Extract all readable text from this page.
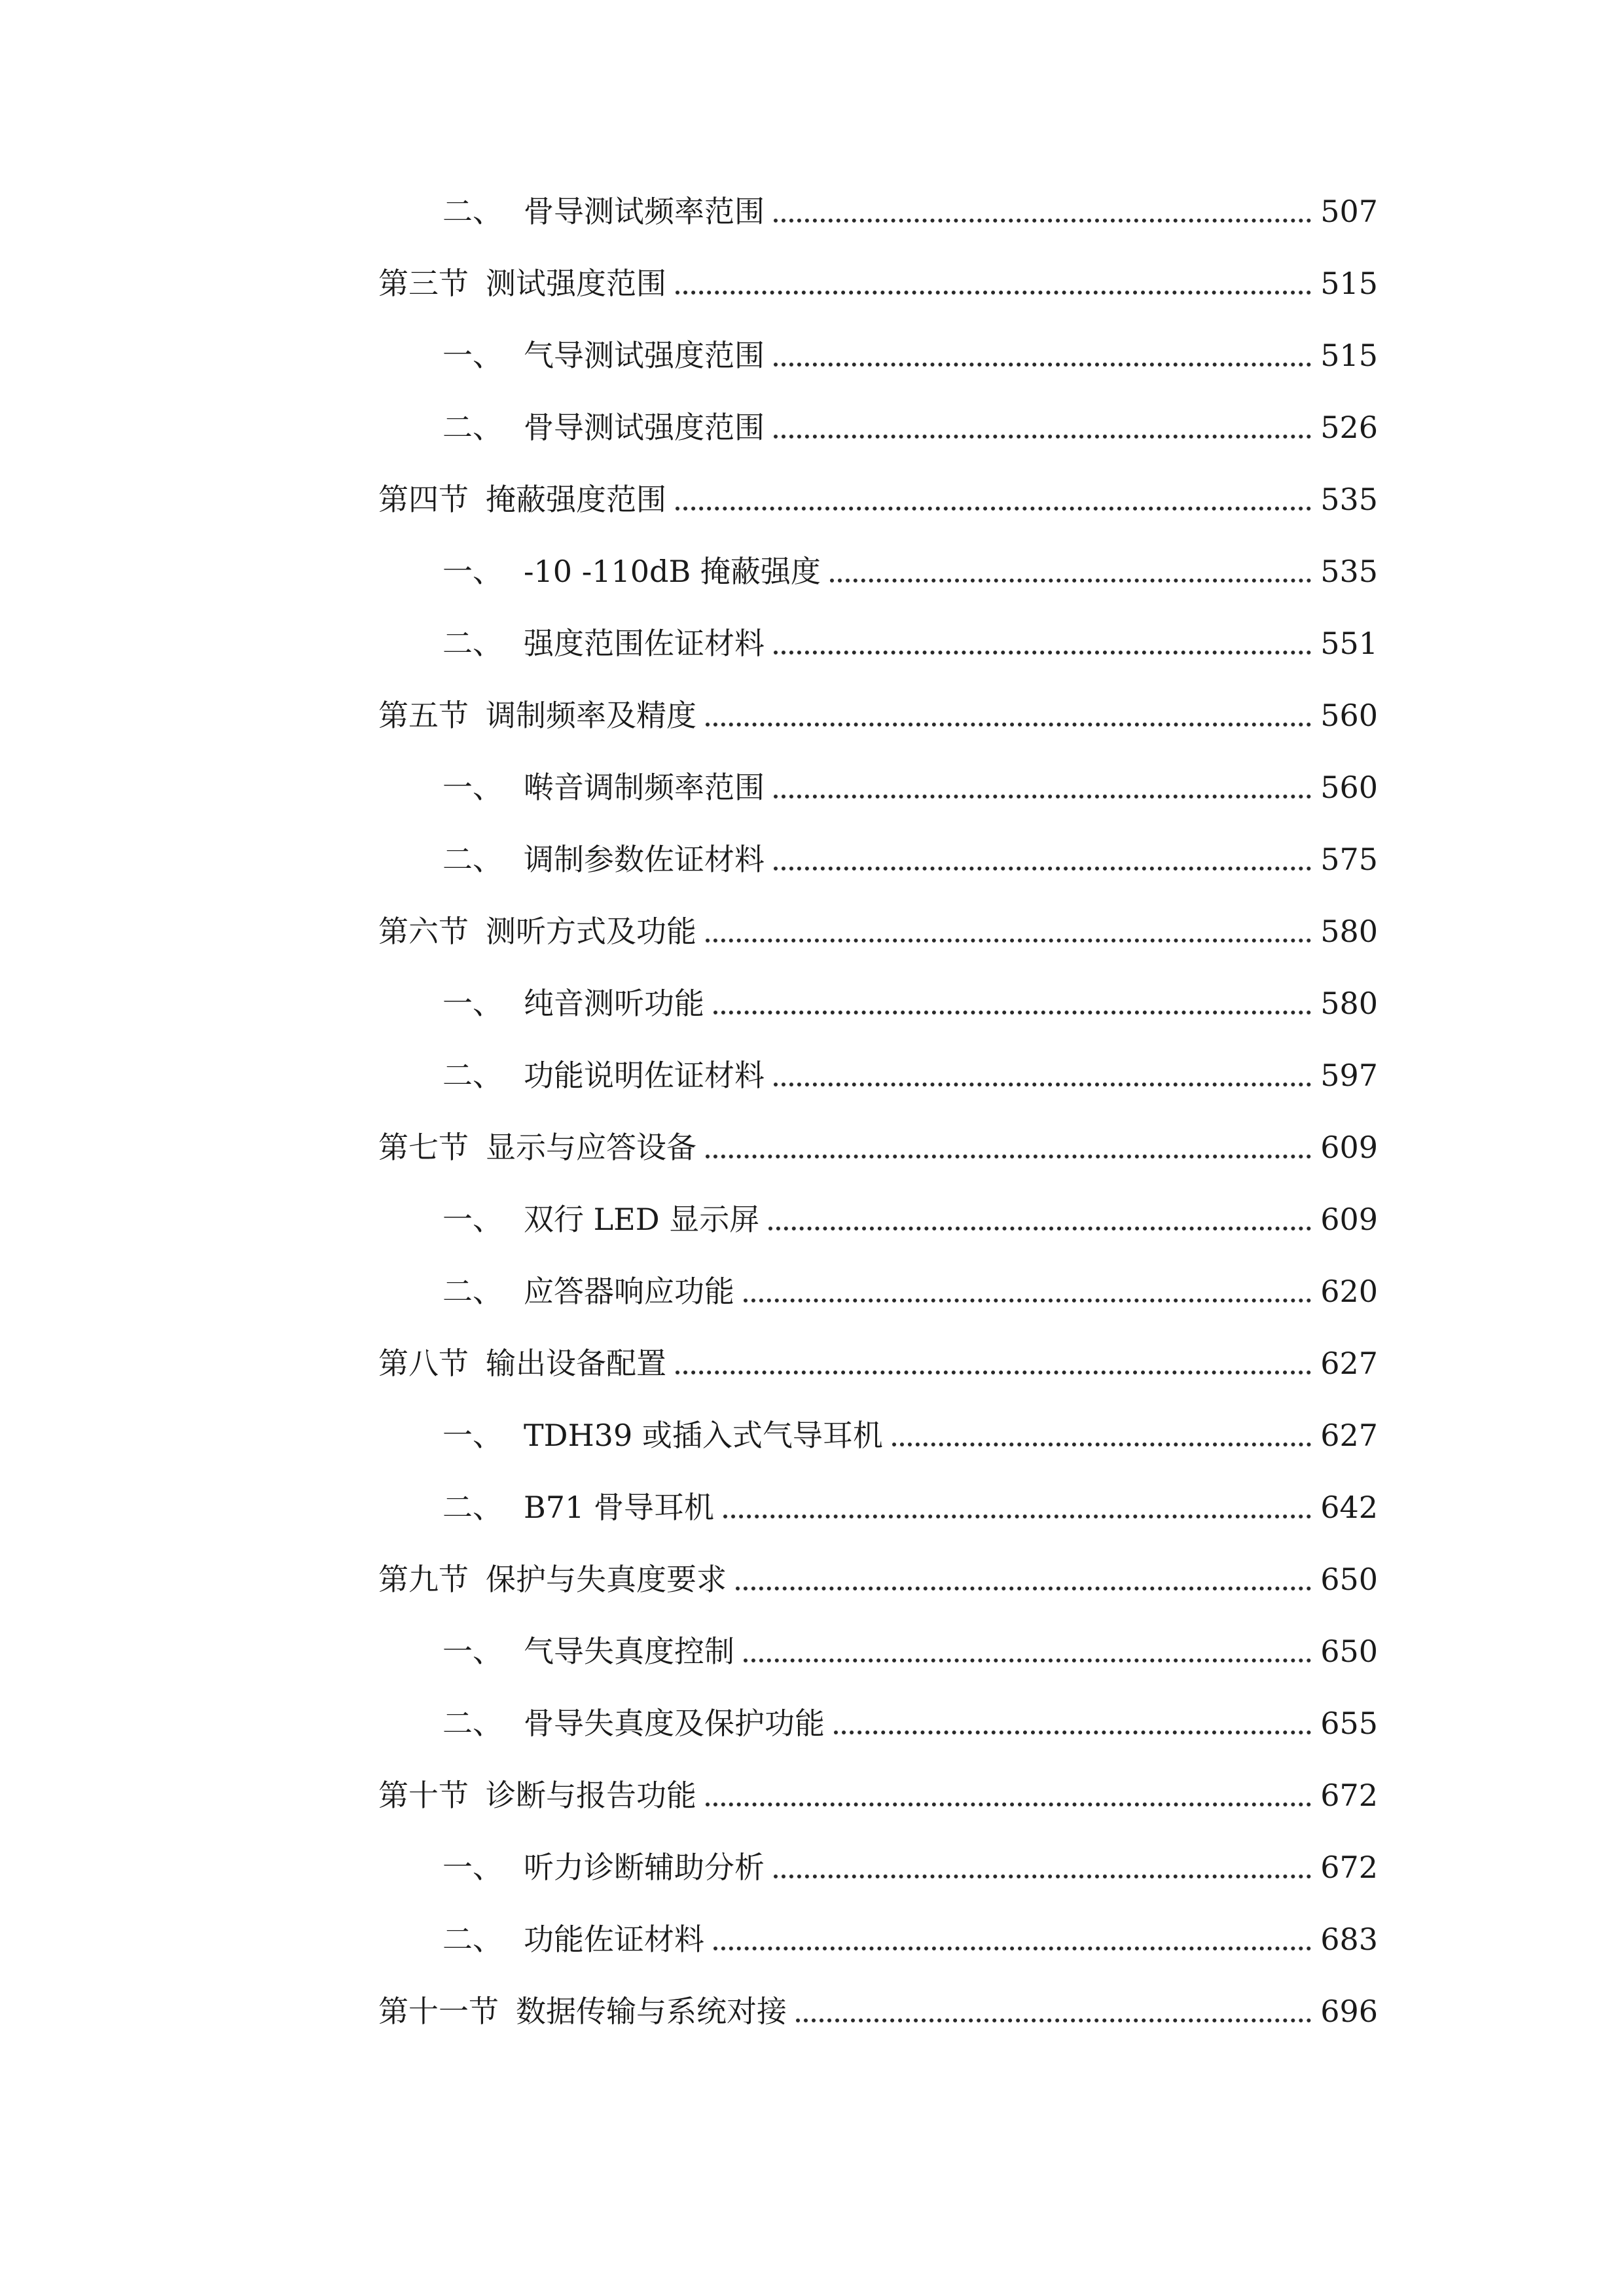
二、 骨导测试频率范围	507
第三节 测试强度范围	515
一、 气导测试强度范围	515
二、 骨导测试强度范围	526
第四节 掩蔽强度范围	535
一、 -10 -110dB 掩蔽强度	535
二、 强度范围佐证材料	551
第五节 调制频率及精度	560
一、 啭音调制频率范围	560
二、 调制参数佐证材料	575
第六节 测听方式及功能	580
一、 纯音测听功能	580
二、 功能说明佐证材料	597
第七节 显示与应答设备	609
一、 双行 LED 显示屏	609
二、 应答器响应功能	620
第八节 输出设备配置	627
一、 TDH39 或插入式气导耳机	627
二、 B71 骨导耳机	642
第九节 保护与失真度要求	650
一、 气导失真度控制	650
二、 骨导失真度及保护功能	655
第十节 诊断与报告功能	672
一、 听力诊断辅助分析	672
二、 功能佐证材料	683
第十一节 数据传输与系统对接	696
